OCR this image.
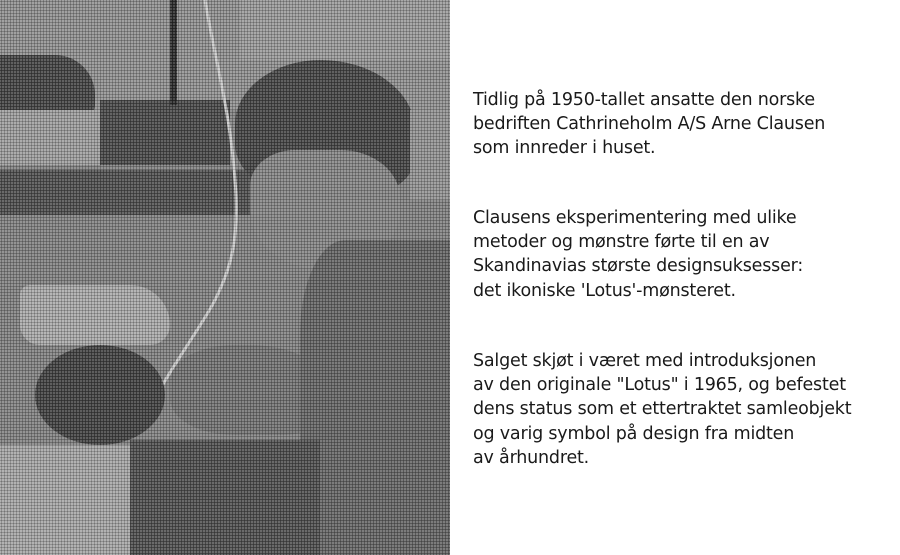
Tidlig på 1950-tallet ansatte den norske
bedriften Cathrineholm A/S Arne Clausen
som innreder i huset.

Clausens eksperimentering med ulike
metoder og mønstre førte til en av
Skandinavias største designsuksesser:
det ikoniske 'Lotus'-mønsteret.

Salget skjøt i været med introduksjonen
av den originale "Lotus" i 1965, og befestet
dens status som et ettertraktet samleobjekt
og varig symbol på design fra midten
av århundret.
